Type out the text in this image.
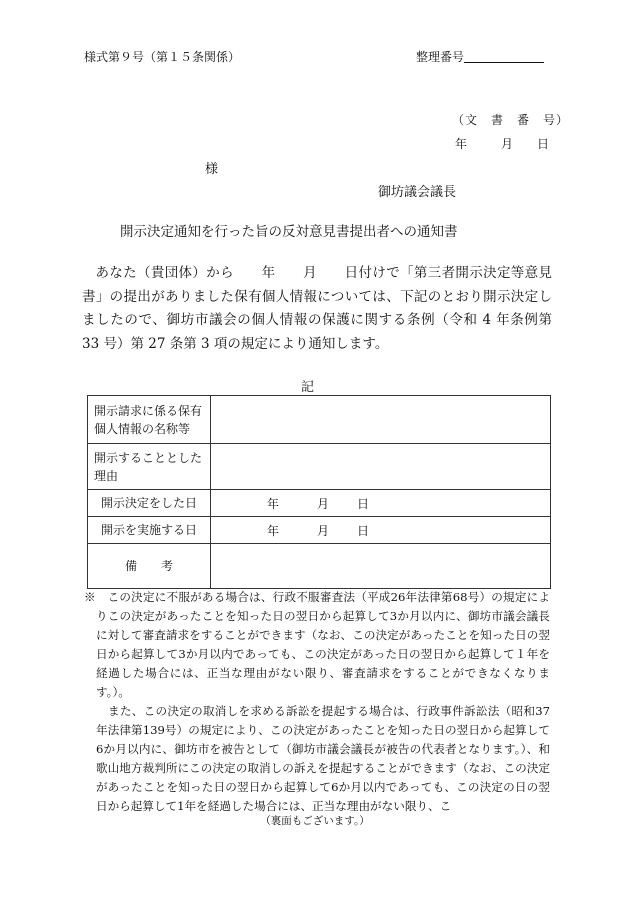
様式第９号（第１５条関係）	整理番号
（文　書　番　号）
年	月 日
様
御坊議会議長
開示決定通知を行った旨の反対意見書提出者への通知書

あなた（貴団体）から　　年　　月　　日付けで「第三者開示決定等意見書」の提出がありました保有個人情報については、下記のとおり開示決定しましたので、御坊市議会の個人情報の保護に関する条例（令和 4 年条例第 33 号）第 27 条第 3 項の規定により通知します。

記
開示請求に係る保有個人情報の名称等	
開示することとした理由	
開示決定をした日	年 月 日
開示を実施する日	年 月 日
備　　考	

※　この決定に不服がある場合は、行政不服審査法（平成26年法律第68号）の規定によりこの決定があったことを知った日の翌日から起算して3か月以内に、御坊市議会議長に対して審査請求をすることができます（なお、この決定があったことを知った日の翌日から起算して3か月以内であっても、この決定があった日の翌日から起算して１年を経過した場合には、正当な理由がない限り、審査請求をすることができなくなります。）。

また、この決定の取消しを求める訴訟を提起する場合は、行政事件訴訟法（昭和37年法律第139号）の規定により、この決定があったことを知った日の翌日から起算して6か月以内に、御坊市を被告として（御坊市議会議長が被告の代表者となります。）、和歌山地方裁判所にこの決定の取消しの訴えを提起することができます（なお、この決定があったことを知った日の翌日から起算して6か月以内であっても、この決定の日の翌日から起算して1年を経過した場合には、正当な理由がない限り、こ

（裏面もございます。）
